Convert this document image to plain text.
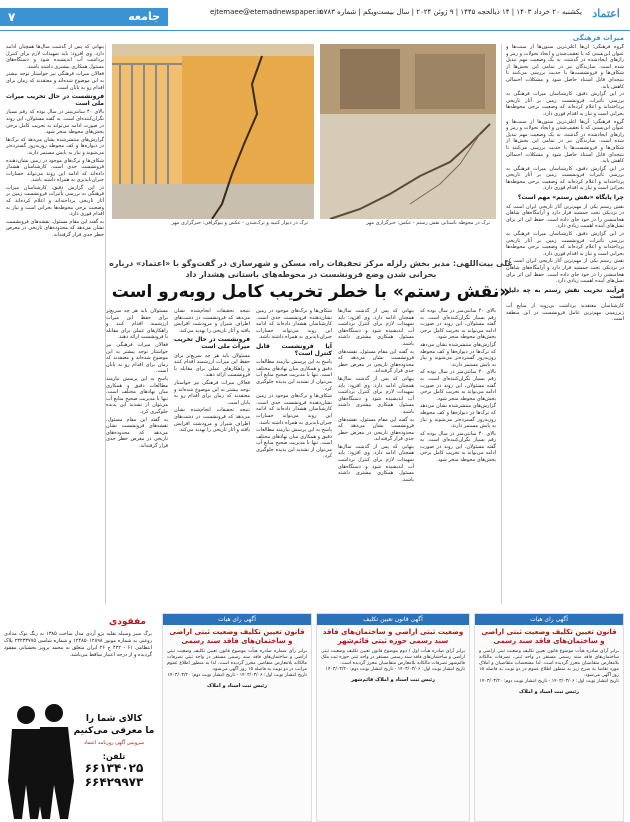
اعتماد
یکشنبه ۲۰ خرداد ۱۴۰۳ | ۱۴ ذیالحجه ۱۴۴۵ | ۹ ژوئن ۲۰۲۴ | سال بیست‌ویکم | شماره ۵۷۸۳
ejtemaee@etemadnewspaper.ir
جامعه
۷
میراث فرهنگی

گروه فرهنگی: آن‌ها اعلی‌ترین ستون‌ها از سنت‌ها و عنوان ابن‌بستی که با تعقیب‌شدن و ایجاد تحولات و رمز و رازهای ایجادشده در گذشته، به یک وضعیت مهم تبدیل شده است. سازندگان نیز در تمامی این بخش‌ها از شکاف‌ها و فرونشست‌ها با جدیت بررسی می‌کنند تا نتیجه‌ای قابل استناد حاصل شود و مشکلات احتمالی کاهش یابد.

در این گزارش دقیق، کارشناسان میراث فرهنگی به بررسی تأثیرات فرونشست زمین بر آثار تاریخی پرداخته‌اند و اعلام کرده‌اند که وضعیت برخی محوطه‌ها بحرانی است و نیاز به اقدام فوری دارد.

گروه فرهنگی: آن‌ها اعلی‌ترین ستون‌ها از سنت‌ها و عنوان ابن‌بستی که با تعقیب‌شدن و ایجاد تحولات و رمز و رازهای ایجادشده در گذشته، به یک وضعیت مهم تبدیل شده است. سازندگان نیز در تمامی این بخش‌ها از شکاف‌ها و فرونشست‌ها با جدیت بررسی می‌کنند تا نتیجه‌ای قابل استناد حاصل شود و مشکلات احتمالی کاهش یابد.

در این گزارش دقیق، کارشناسان میراث فرهنگی به بررسی تأثیرات فرونشست زمین بر آثار تاریخی پرداخته‌اند و اعلام کرده‌اند که وضعیت برخی محوطه‌ها بحرانی است و نیاز به اقدام فوری دارد.

چرا پایگاه «نقش رستم» مهم است؟

نقش رستم یکی از مهم‌ترین آثار تاریخی ایران است که در نزدیکی تخت جمشید قرار دارد و آرامگاه‌های شاهان هخامنشی را در خود جای داده است. حفظ این اثر برای نسل‌های آینده اهمیت زیادی دارد.

در این گزارش دقیق، کارشناسان میراث فرهنگی به بررسی تأثیرات فرونشست زمین بر آثار تاریخی پرداخته‌اند و اعلام کرده‌اند که وضعیت برخی محوطه‌ها بحرانی است و نیاز به اقدام فوری دارد.

نقش رستم یکی از مهم‌ترین آثار تاریخی ایران است که در نزدیکی تخت جمشید قرار دارد و آرامگاه‌های شاهان هخامنشی را در خود جای داده است. حفظ این اثر برای نسل‌های آینده اهمیت زیادی دارد.

فرآیند تخریب نقش رستم به چه دلیل است

کارشناسان معتقدند برداشت بی‌رویه از منابع آب زیرزمینی مهم‌ترین عامل فرونشست در این منطقه است.

ترک در محوطه باستانی نقش رستم - عکس: خبرگزاری مهر
ترک در دیوار کتیبه و ترک‌شدن - عکس و بیوگرافی: خبرگزاری مهر
علی بیت‌اللهی: مدیر بخش زلزله مرکز تحقیقات راه، مسکن و شهرسازی در گفت‌وگو با «اعتماد» درباره بحرانی شدن وضع فرونشست در محوطه‌های باستانی هشدار داد
«نقش رستم» با خطر تخریب کامل روبه‌رو است

بالای ۴۰ سانتی‌متر در سال بوده که رقم بسیار نگران‌کننده‌ای است. به گفته مسئولان، این روند در صورت ادامه می‌تواند به تخریب کامل برخی بخش‌های محوطه منجر شود.

گزارش‌های منتشرشده نشان می‌دهد که ترک‌ها در دیواره‌ها و کف محوطه روزبه‌روز گسترده‌تر می‌شوند و نیاز به پایش مستمر دارند.

بالای ۴۰ سانتی‌متر در سال بوده که رقم بسیار نگران‌کننده‌ای است. به گفته مسئولان، این روند در صورت ادامه می‌تواند به تخریب کامل برخی بخش‌های محوطه منجر شود.

گزارش‌های منتشرشده نشان می‌دهد که ترک‌ها در دیواره‌ها و کف محوطه روزبه‌روز گسترده‌تر می‌شوند و نیاز به پایش مستمر دارند.

بالای ۴۰ سانتی‌متر در سال بوده که رقم بسیار نگران‌کننده‌ای است. به گفته مسئولان، این روند در صورت ادامه می‌تواند به تخریب کامل برخی بخش‌های محوطه منجر شود.

پنهانی که پس از گذشت سال‌ها همچنان ادامه دارد. وی افزود: باید تمهیدات لازم برای کنترل برداشت آب اندیشیده شود و دستگاه‌های مسئول همکاری بیشتری داشته باشند.

به گفته این مقام مسئول، نقشه‌های فرونشست نشان می‌دهد که محدوده‌های تاریخی در معرض خطر جدی قرار گرفته‌اند.

پنهانی که پس از گذشت سال‌ها همچنان ادامه دارد. وی افزود: باید تمهیدات لازم برای کنترل برداشت آب اندیشیده شود و دستگاه‌های مسئول همکاری بیشتری داشته باشند.

به گفته این مقام مسئول، نقشه‌های فرونشست نشان می‌دهد که محدوده‌های تاریخی در معرض خطر جدی قرار گرفته‌اند.

پنهانی که پس از گذشت سال‌ها همچنان ادامه دارد. وی افزود: باید تمهیدات لازم برای کنترل برداشت آب اندیشیده شود و دستگاه‌های مسئول همکاری بیشتری داشته باشند.

شکاف‌ها و ترک‌های موجود در زمین نشان‌دهنده فرونشست جدی است. کارشناسان هشدار داده‌اند که ادامه این روند می‌تواند خسارات جبران‌ناپذیری به همراه داشته باشد.

آیا فرونشست قابل کنترل است؟

پاسخ به این پرسش نیازمند مطالعات دقیق و همکاری میان نهادهای مختلف است. تنها با مدیریت صحیح منابع آب می‌توان از تشدید این پدیده جلوگیری کرد.

شکاف‌ها و ترک‌های موجود در زمین نشان‌دهنده فرونشست جدی است. کارشناسان هشدار داده‌اند که ادامه این روند می‌تواند خسارات جبران‌ناپذیری به همراه داشته باشد.

پاسخ به این پرسش نیازمند مطالعات دقیق و همکاری میان نهادهای مختلف است. تنها با مدیریت صحیح منابع آب می‌توان از تشدید این پدیده جلوگیری کرد.

نتیجه تحقیقات انجام‌شده نشان می‌دهد که فرونشست در دشت‌های اطراف شیراز و مرودشت افزایش یافته و آثار تاریخی را تهدید می‌کند.

فرونشست در حال تخریب میراث ملی است

مسئولان باید هر چه سریع‌تر برای حفظ این میراث ارزشمند اقدام کنند و راهکارهای عملی برای مقابله با فرونشست ارائه دهند.

فعالان میراث فرهنگی نیز خواستار توجه بیشتر به این موضوع شده‌اند و معتقدند که زمان برای اقدام رو به پایان است.

نتیجه تحقیقات انجام‌شده نشان می‌دهد که فرونشست در دشت‌های اطراف شیراز و مرودشت افزایش یافته و آثار تاریخی را تهدید می‌کند.

مسئولان باید هر چه سریع‌تر برای حفظ این میراث ارزشمند اقدام کنند و راهکارهای عملی برای مقابله با فرونشست ارائه دهند.

فعالان میراث فرهنگی نیز خواستار توجه بیشتر به این موضوع شده‌اند و معتقدند که زمان برای اقدام رو به پایان است.

پاسخ به این پرسش نیازمند مطالعات دقیق و همکاری میان نهادهای مختلف است. تنها با مدیریت صحیح منابع آب می‌توان از تشدید این پدیده جلوگیری کرد.

به گفته این مقام مسئول، نقشه‌های فرونشست نشان می‌دهد که محدوده‌های تاریخی در معرض خطر جدی قرار گرفته‌اند.

پنهانی که پس از گذشت سال‌ها همچنان ادامه دارد. وی افزود: باید تمهیدات لازم برای کنترل برداشت آب اندیشیده شود و دستگاه‌های مسئول همکاری بیشتری داشته باشند.

فعالان میراث فرهنگی نیز خواستار توجه بیشتر به این موضوع شده‌اند و معتقدند که زمان برای اقدام رو به پایان است.

فرونشست در حال تخریب میراث ملی است

بالای ۴۰ سانتی‌متر در سال بوده که رقم بسیار نگران‌کننده‌ای است. به گفته مسئولان، این روند در صورت ادامه می‌تواند به تخریب کامل برخی بخش‌های محوطه منجر شود.

گزارش‌های منتشرشده نشان می‌دهد که ترک‌ها در دیواره‌ها و کف محوطه روزبه‌روز گسترده‌تر می‌شوند و نیاز به پایش مستمر دارند.

شکاف‌ها و ترک‌های موجود در زمین نشان‌دهنده فرونشست جدی است. کارشناسان هشدار داده‌اند که ادامه این روند می‌تواند خسارات جبران‌ناپذیری به همراه داشته باشد.

در این گزارش دقیق، کارشناسان میراث فرهنگی به بررسی تأثیرات فرونشست زمین بر آثار تاریخی پرداخته‌اند و اعلام کرده‌اند که وضعیت برخی محوطه‌ها بحرانی است و نیاز به اقدام فوری دارد.

به گفته این مقام مسئول، نقشه‌های فرونشست نشان می‌دهد که محدوده‌های تاریخی در معرض خطر جدی قرار گرفته‌اند.

آگهی رای هیات
قانون تعیین تکلیف وضعیت ثبتی اراضی و ساختمان‌های فاقد سند رسمی
برابر آرای صادره هیأت موضوع قانون تعیین تکلیف وضعیت ثبتی اراضی و ساختمان‌های فاقد سند رسمی مستقر در واحد ثبتی، تصرفات مالکانه بلامعارض متقاضیان محرز گردیده است. لذا مشخصات متقاضیان و املاک مورد تقاضا به شرح زیر به منظور اطلاع عموم در دو نوبت به فاصله ۱۵ روز آگهی می‌شود.
تاریخ انتشار نوبت اول: ۱۴۰۳/۰۳/۰۶ - تاریخ انتشار نوبت دوم: ۱۴۰۳/۰۳/۲۰
رئیس ثبت اسناد و املاک
آگهی قانون تعیین تکلیف
وضعیت ثبتی اراضی و ساختمان‌های فاقد سند رسمی حوزه ثبتی قائم‌شهر
برابر آرای صادره هیأت اول / دوم موضوع قانون تعیین تکلیف وضعیت ثبتی اراضی و ساختمان‌های فاقد سند رسمی مستقر در واحد ثبتی حوزه ثبت ملک قائم‌شهر تصرفات مالکانه بلامعارض متقاضیان محرز گردیده است.
تاریخ انتشار نوبت اول: ۱۴۰۳/۰۳/۰۶ - تاریخ انتشار نوبت دوم: ۱۴۰۳/۰۳/۲۰
رئیس ثبت اسناد و املاک قائم‌شهر
آگهی رای هیات
قانون تعیین تکلیف وضعیت ثبتی اراضی و ساختمان‌های فاقد سند رسمی
برابر رأی شماره صادره هیأت موضوع قانون تعیین تکلیف وضعیت ثبتی اراضی و ساختمان‌های فاقد سند رسمی مستقر در واحد ثبتی تصرفات مالکانه بلامعارض متقاضی محرز گردیده است. لذا به منظور اطلاع عموم مراتب در دو نوبت به فاصله ۱۵ روز آگهی می‌شود.
تاریخ انتشار نوبت اول: ۱۴۰۳/۰۳/۰۶ - تاریخ انتشار نوبت دوم: ۱۴۰۳/۰۳/۲۰
رئیس ثبت اسناد و املاک
مفقودی
برگ سبز وسیله نقلیه پژو آردی مدل ساخت ۱۳۸۵ به رنگ نوک مدادی روغنی به شماره موتور ۱۲۴۸۵۰۱۲۸۹۸ و شماره شاسی ۲۳۲۳۳۷۷۵ پلاک انتظامی ۶۱ - ۴۲۲ ج ۲۶ ایران متعلق به محمد پرویز بخشیانی مفقود گردیده و از درجه اعتبار ساقط می‌باشد.
کالای شما را
ما معرفی می‌کنیم
سرویس آگهی روزنامه اعتماد
تلفن:
۶۶۱۳۴۰۲۵
۶۶۴۲۹۹۷۳
